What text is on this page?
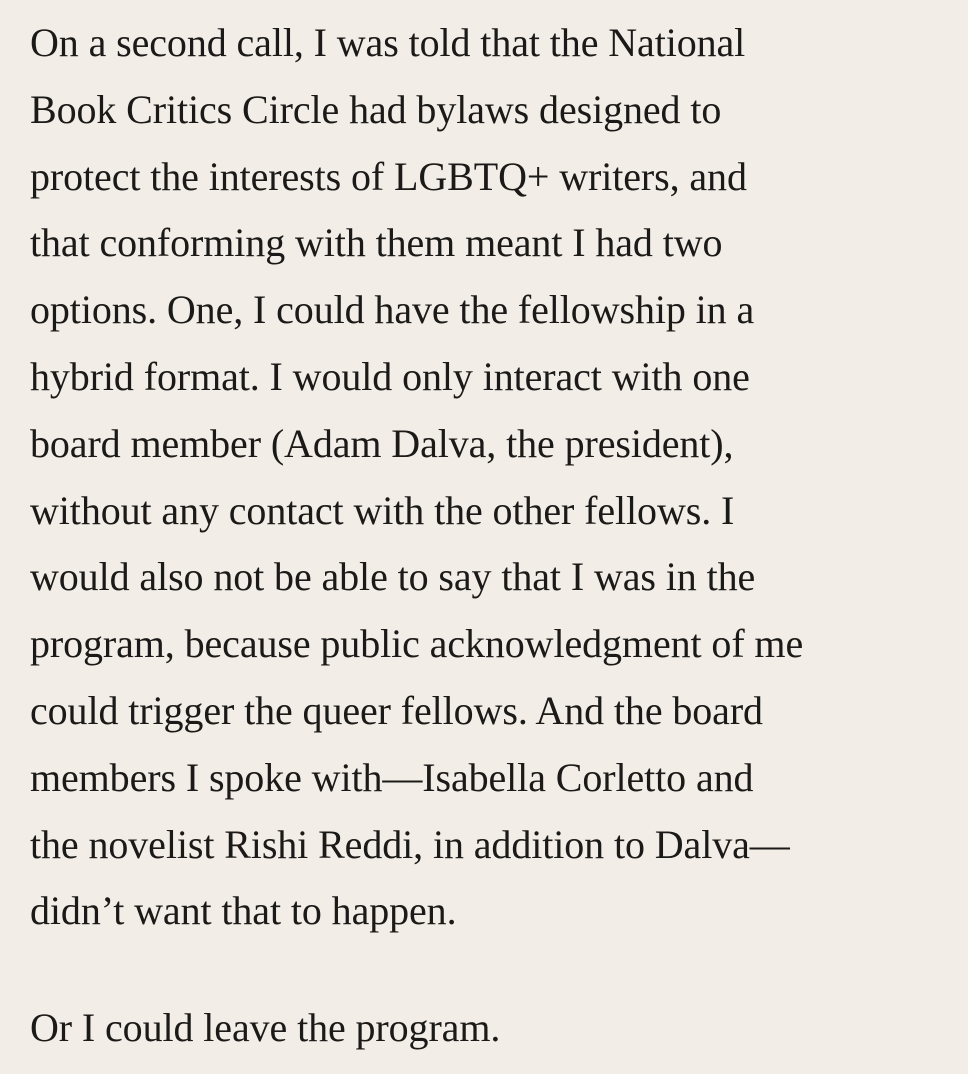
On a second call, I was told that the National
Book Critics Circle had bylaws designed to
protect the interests of LGBTQ+ writers, and
that conforming with them meant I had two
options. One, I could have the fellowship in a
hybrid format. I would only interact with one
board member (Adam Dalva, the president),
without any contact with the other fellows. I
would also not be able to say that I was in the
program, because public acknowledgment of me
could trigger the queer fellows. And the board
members I spoke with—Isabella Corletto and
the novelist Rishi Reddi, in addition to Dalva—
didn’t want that to happen.

Or I could leave the program.
